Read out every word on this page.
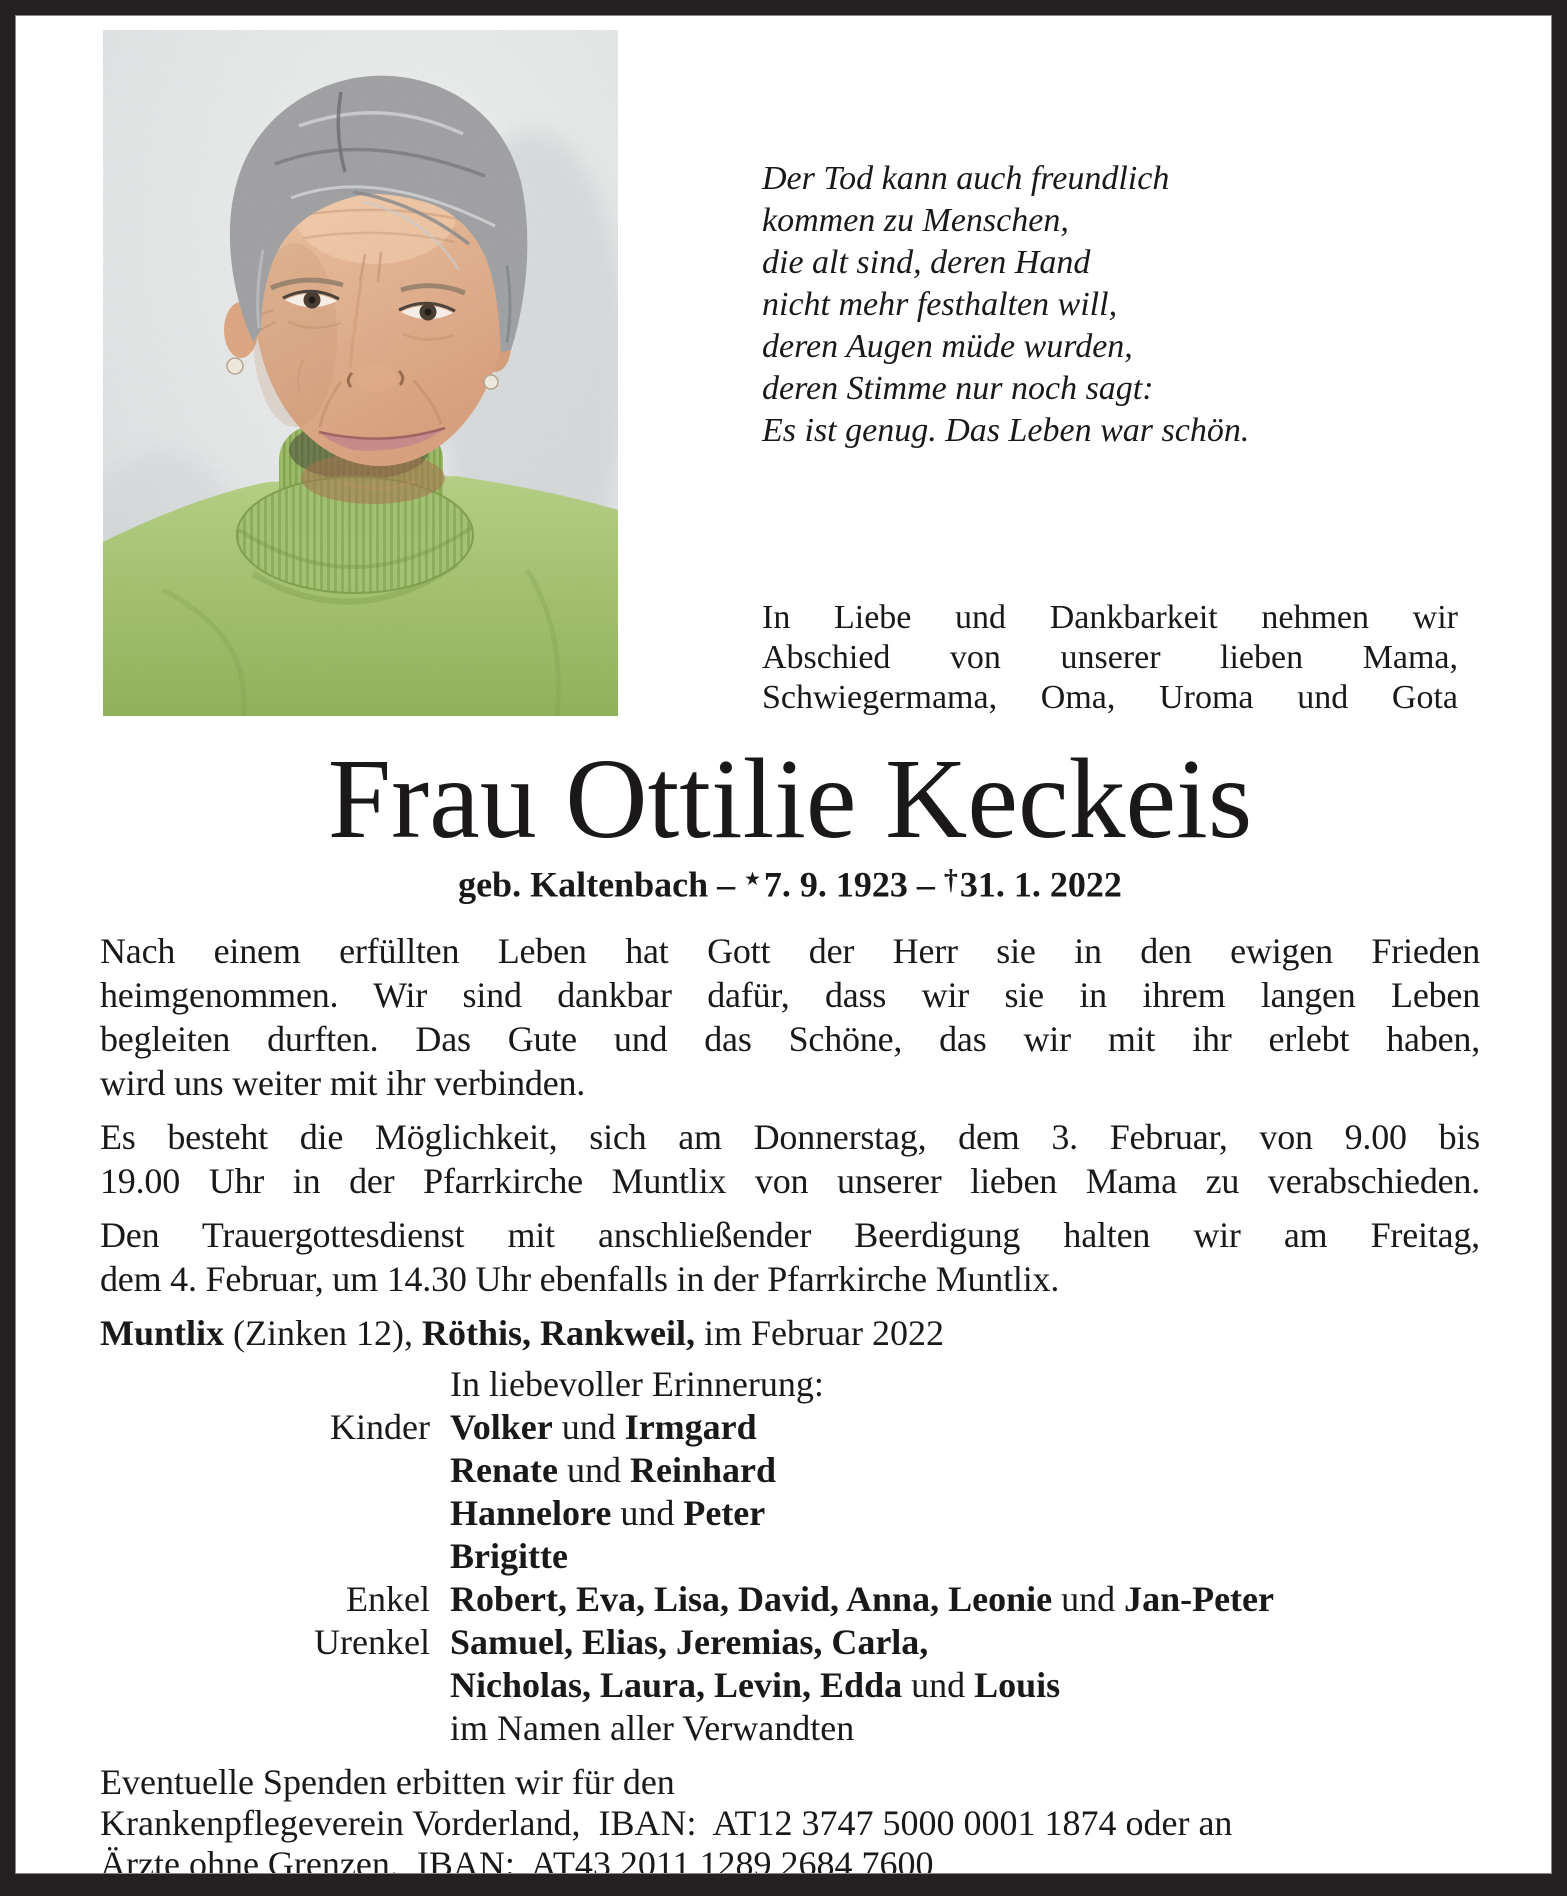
Der Tod kann auch freundlich
kommen zu Menschen,
die alt sind, deren Hand
nicht mehr festhalten will,
deren Augen müde wurden,
deren Stimme nur noch sagt:
Es ist genug. Das Leben war schön.
In Liebe und Dankbarkeit nehmen wir
Abschied von unserer lieben Mama,
Schwiegermama, Oma, Uroma und Gota
Frau Ottilie Keckeis
geb. Kaltenbach – ★7. 9. 1923 – †31. 1. 2022
Nach einem erfüllten Leben hat Gott der Herr sie in den ewigen Frieden
heimgenommen. Wir sind dankbar dafür, dass wir sie in ihrem langen Leben
begleiten durften. Das Gute und das Schöne, das wir mit ihr erlebt haben,
wird uns weiter mit ihr verbinden.
Es besteht die Möglichkeit, sich am Donnerstag, dem 3. Februar, von 9.00 bis
19.00 Uhr in der Pfarrkirche Muntlix von unserer lieben Mama zu verabschieden.
Den Trauergottesdienst mit anschließender Beerdigung halten wir am Freitag,
dem 4. Februar, um 14.30 Uhr ebenfalls in der Pfarrkirche Muntlix.
Muntlix (Zinken 12), Röthis, Rankweil, im Februar 2022
In liebevoller Erinnerung:
Kinder Volker und Irmgard
Renate und Reinhard
Hannelore und Peter
Brigitte
Enkel Robert, Eva, Lisa, David, Anna, Leonie und Jan-Peter
Urenkel Samuel, Elias, Jeremias, Carla,
Nicholas, Laura, Levin, Edda und Louis
im Namen aller Verwandten
Eventuelle Spenden erbitten wir für den
Krankenpflegeverein Vorderland,  IBAN:  AT12 3747 5000 0001 1874 oder an
Ärzte ohne Grenzen,  IBAN:  AT43 2011 1289 2684 7600
